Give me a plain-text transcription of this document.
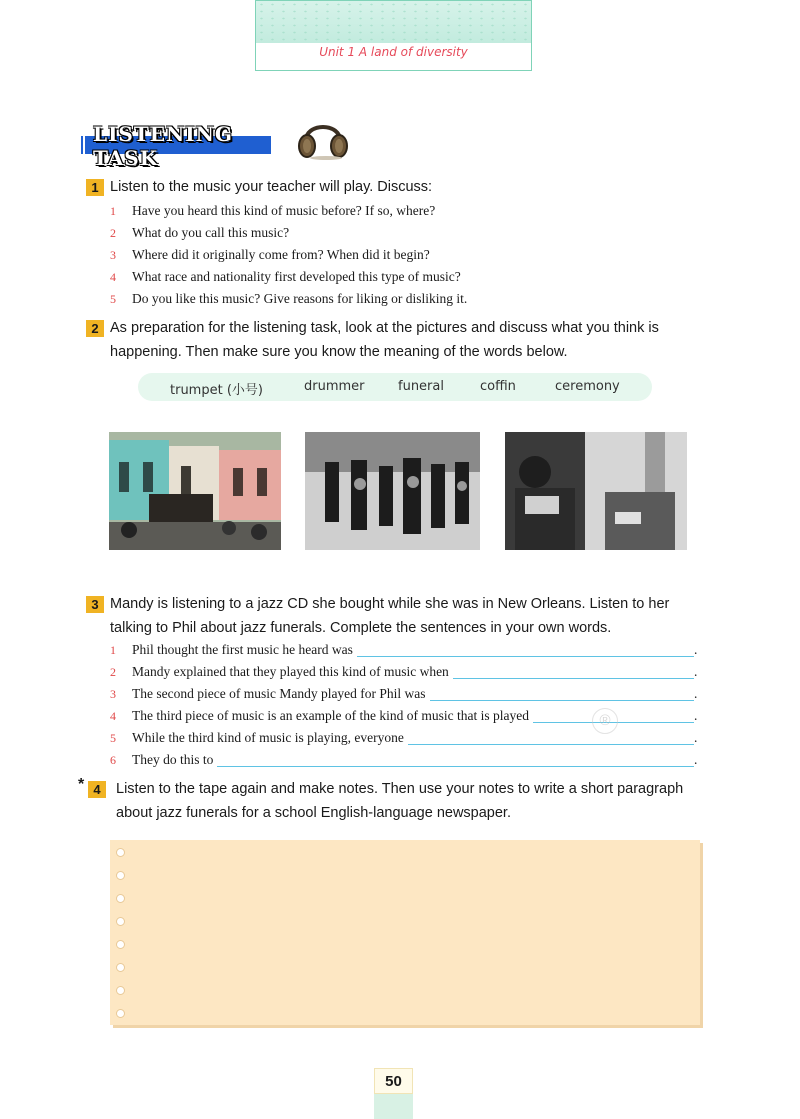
Unit 1 A land of diversity
LISTENING TASK
1 Listen to the music your teacher will play. Discuss:
1	Have you heard this kind of music before? If so, where?
2	What do you call this music?
3	Where did it originally come from? When did it begin?
4	What race and nationality first developed this type of music?
5	Do you like this music? Give reasons for liking or disliking it.
2 As preparation for the listening task, look at the pictures and discuss what you think is
happening. Then make sure you know the meaning of the words below.
trumpet (小号)	drummer	funeral	coffin	ceremony
3 Mandy is listening to a jazz CD she bought while she was in New Orleans. Listen to her
talking to Phil about jazz funerals. Complete the sentences in your own words.
1	Phil thought the first music he heard was	.
2	Mandy explained that they played this kind of music when	.
3	The second piece of music Mandy played for Phil was	.
4	The third piece of music is an example of the kind of music that is played	.
5	While the third kind of music is playing, everyone	.
6	They do this to	.
®
* 4	Listen to the tape again and make notes. Then use your notes to write a short paragraph
about jazz funerals for a school English-language newspaper.
50
